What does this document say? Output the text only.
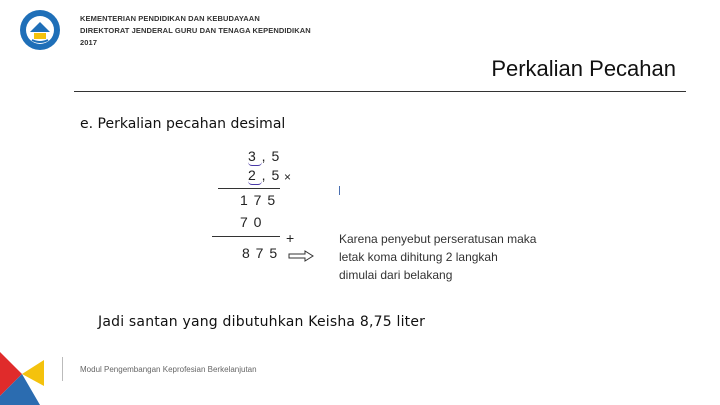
KEMENTERIAN PENDIDIKAN DAN KEBUDAYAAN
DIREKTORAT JENDERAL GURU DAN TENAGA KEPENDIDIKAN
2017
Perkalian Pecahan
e. Perkalian pecahan desimal
3 , 5
2 , 5 ×
1 7 5
7 0
+
8 7 5
Karena penyebut perseratusan maka
letak koma dihitung 2 langkah
dimulai dari belakang
Jadi santan yang dibutuhkan Keisha 8,75 liter
Modul Pengembangan Keprofesian Berkelanjutan
